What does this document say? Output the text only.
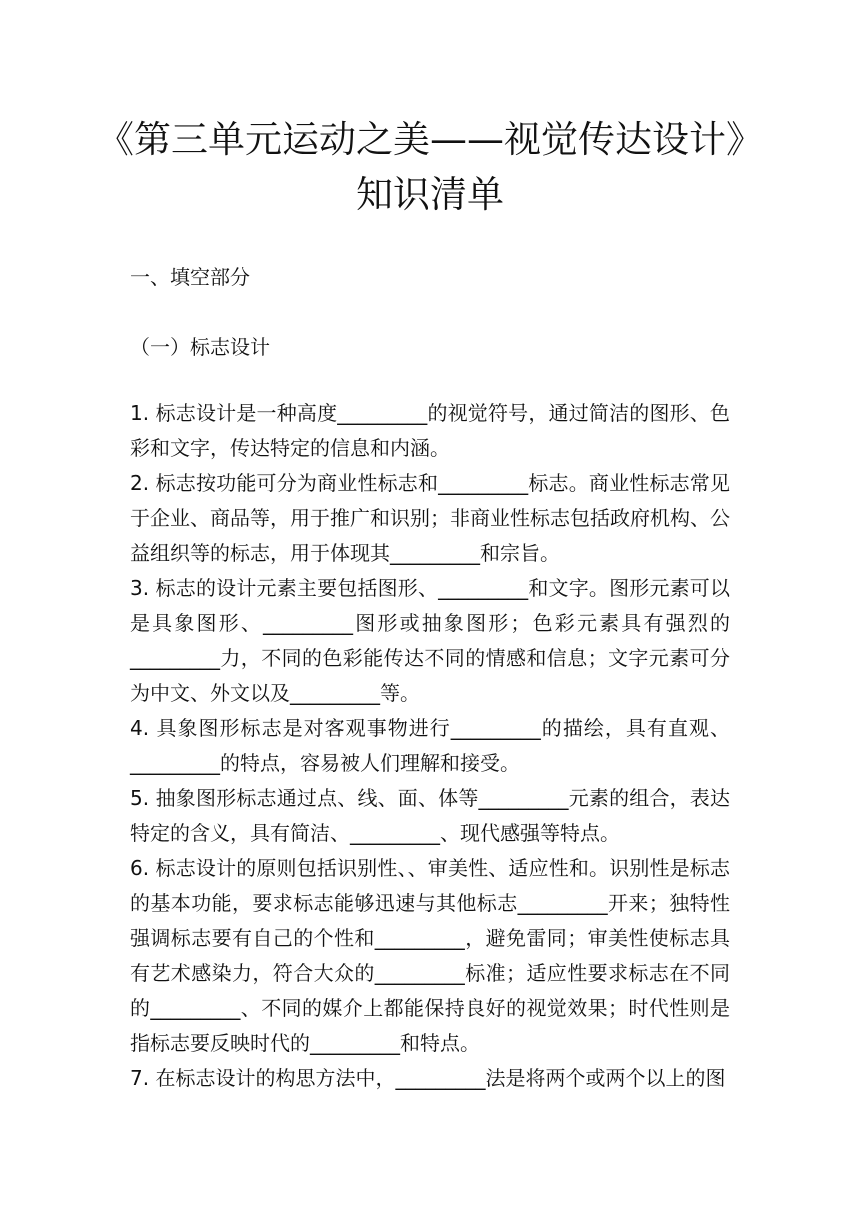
《第三单元运动之美——视觉传达设计》
知识清单
一、填空部分
（一）标志设计

1. 标志设计是一种高度_________的视觉符号，通过简洁的图形、色彩和文字，传达特定的信息和内涵。

2. 标志按功能可分为商业性标志和_________标志。商业性标志常见于企业、商品等，用于推广和识别；非商业性标志包括政府机构、公益组织等的标志，用于体现其_________和宗旨。

3. 标志的设计元素主要包括图形、_________和文字。图形元素可以是具象图形、_________图形或抽象图形；色彩元素具有强烈的_________力，不同的色彩能传达不同的情感和信息；文字元素可分为中文、外文以及_________等。

4. 具象图形标志是对客观事物进行_________的描绘，具有直观、_________的特点，容易被人们理解和接受。

5. 抽象图形标志通过点、线、面、体等_________元素的组合，表达特定的含义，具有简洁、_________、现代感强等特点。

6. 标志设计的原则包括识别性、、审美性、适应性和。识别性是标志的基本功能，要求标志能够迅速与其他标志_________开来；独特性强调标志要有自己的个性和_________，避免雷同；审美性使标志具有艺术感染力，符合大众的_________标准；适应性要求标志在不同的_________、不同的媒介上都能保持良好的视觉效果；时代性则是指标志要反映时代的_________和特点。

7. 在标志设计的构思方法中，_________法是将两个或两个以上的图
